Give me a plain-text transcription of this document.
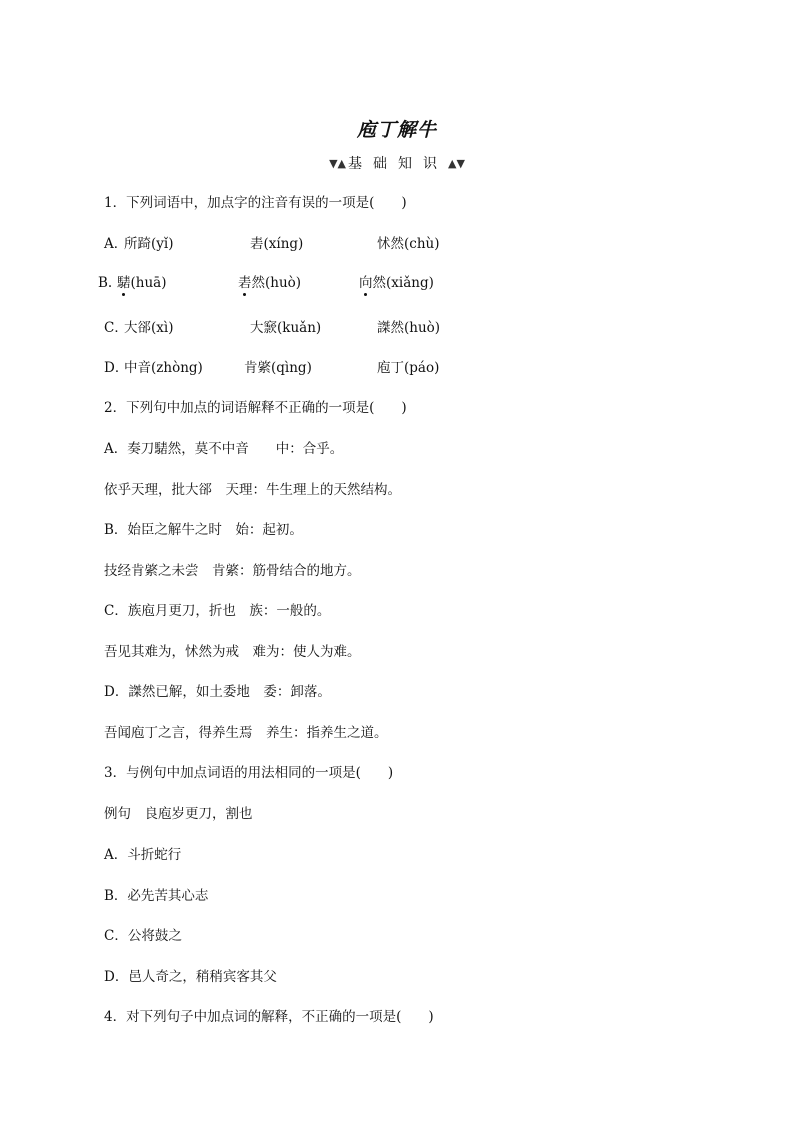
庖丁解牛
▼▲ 基础知识▲▼
1．下列词语中，加点字的注音有误的一项是(　　)
A．
所踦(yǐ)	砉(xíng)	怵然(chù)
B. 騞(huā)	砉然(huò)	向然(xiǎng)
C．
大郤(xì)	大窾(kuǎn)	謋然(huò)
D．
中音(zhòng)	肯綮(qìng)	庖丁(páo)
2．下列句中加点的词语解释不正确的一项是(　　)
A．奏刀騞然，莫不中音　　中：合乎。
依乎天理，批大郤　天理：牛生理上的天然结构。
B．始臣之解牛之时　始：起初。
技经肯綮之未尝　肯綮：筋骨结合的地方。
C．族庖月更刀，折也　族：一般的。
吾见其难为，怵然为戒　难为：使人为难。
D．謋然已解，如土委地　委：卸落。
吾闻庖丁之言，得养生焉　养生：指养生之道。
3．与例句中加点词语的用法相同的一项是(　　)
例句　良庖岁更刀，割也
A．斗折蛇行
B．必先苦其心志
C．公将鼓之
D．邑人奇之，稍稍宾客其父
4．对下列句子中加点词的解释，不正确的一项是(　　)
